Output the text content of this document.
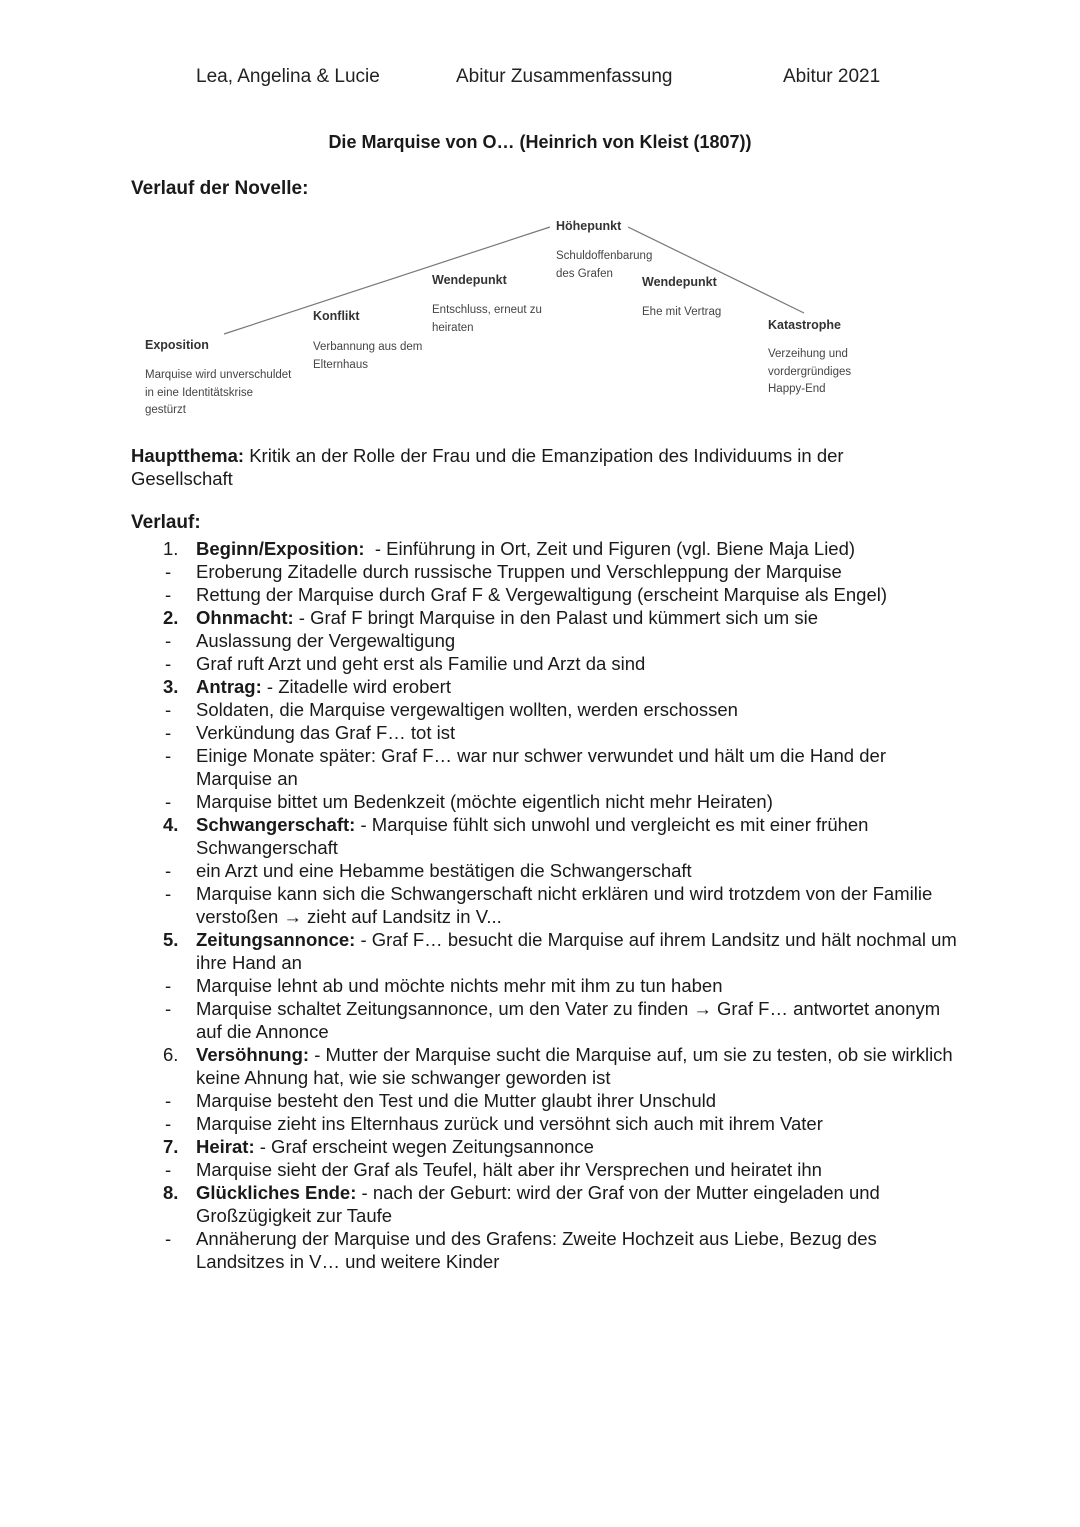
Lea, Angelina & Lucie	Abitur Zusammenfassung	Abitur 2021
Die Marquise von O… (Heinrich von Kleist (1807))
Verlauf der Novelle:
Exposition
Marquise wird unverschuldet
in eine Identitätskrise
gestürzt
Konflikt
Verbannung aus dem
Elternhaus
Wendepunkt
Entschluss, erneut zu
heiraten
Höhepunkt
Schuldoffenbarung
des Grafen
Wendepunkt
Ehe mit Vertrag
Katastrophe
Verzeihung und
vordergründiges
Happy-End
Hauptthema: Kritik an der Rolle der Frau und die Emanzipation des Individuums in der Gesellschaft
Verlauf:
1. Beginn/Exposition:  - Einführung in Ort, Zeit und Figuren (vgl. Biene Maja Lied)
- Eroberung Zitadelle durch russische Truppen und Verschleppung der Marquise
- Rettung der Marquise durch Graf F & Vergewaltigung (erscheint Marquise als Engel)
2. Ohnmacht: - Graf F bringt Marquise in den Palast und kümmert sich um sie
- Auslassung der Vergewaltigung
- Graf ruft Arzt und geht erst als Familie und Arzt da sind
3. Antrag: - Zitadelle wird erobert
- Soldaten, die Marquise vergewaltigen wollten, werden erschossen
- Verkündung das Graf F… tot ist
- Einige Monate später: Graf F… war nur schwer verwundet und hält um die Hand der Marquise an
- Marquise bittet um Bedenkzeit (möchte eigentlich nicht mehr Heiraten)
4. Schwangerschaft: - Marquise fühlt sich unwohl und vergleicht es mit einer frühen Schwangerschaft
- ein Arzt und eine Hebamme bestätigen die Schwangerschaft
- Marquise kann sich die Schwangerschaft nicht erklären und wird trotzdem von der Familie verstoßen → zieht auf Landsitz in V...
5. Zeitungsannonce: - Graf F… besucht die Marquise auf ihrem Landsitz und hält nochmal um ihre Hand an
- Marquise lehnt ab und möchte nichts mehr mit ihm zu tun haben
- Marquise schaltet Zeitungsannonce, um den Vater zu finden → Graf F… antwortet anonym auf die Annonce
6. Versöhnung: - Mutter der Marquise sucht die Marquise auf, um sie zu testen, ob sie wirklich keine Ahnung hat, wie sie schwanger geworden ist
- Marquise besteht den Test und die Mutter glaubt ihrer Unschuld
- Marquise zieht ins Elternhaus zurück und versöhnt sich auch mit ihrem Vater
7. Heirat: - Graf erscheint wegen Zeitungsannonce
- Marquise sieht der Graf als Teufel, hält aber ihr Versprechen und heiratet ihn
8. Glückliches Ende: - nach der Geburt: wird der Graf von der Mutter eingeladen und Großzügigkeit zur Taufe
- Annäherung der Marquise und des Grafens: Zweite Hochzeit aus Liebe, Bezug des Landsitzes in V… und weitere Kinder
